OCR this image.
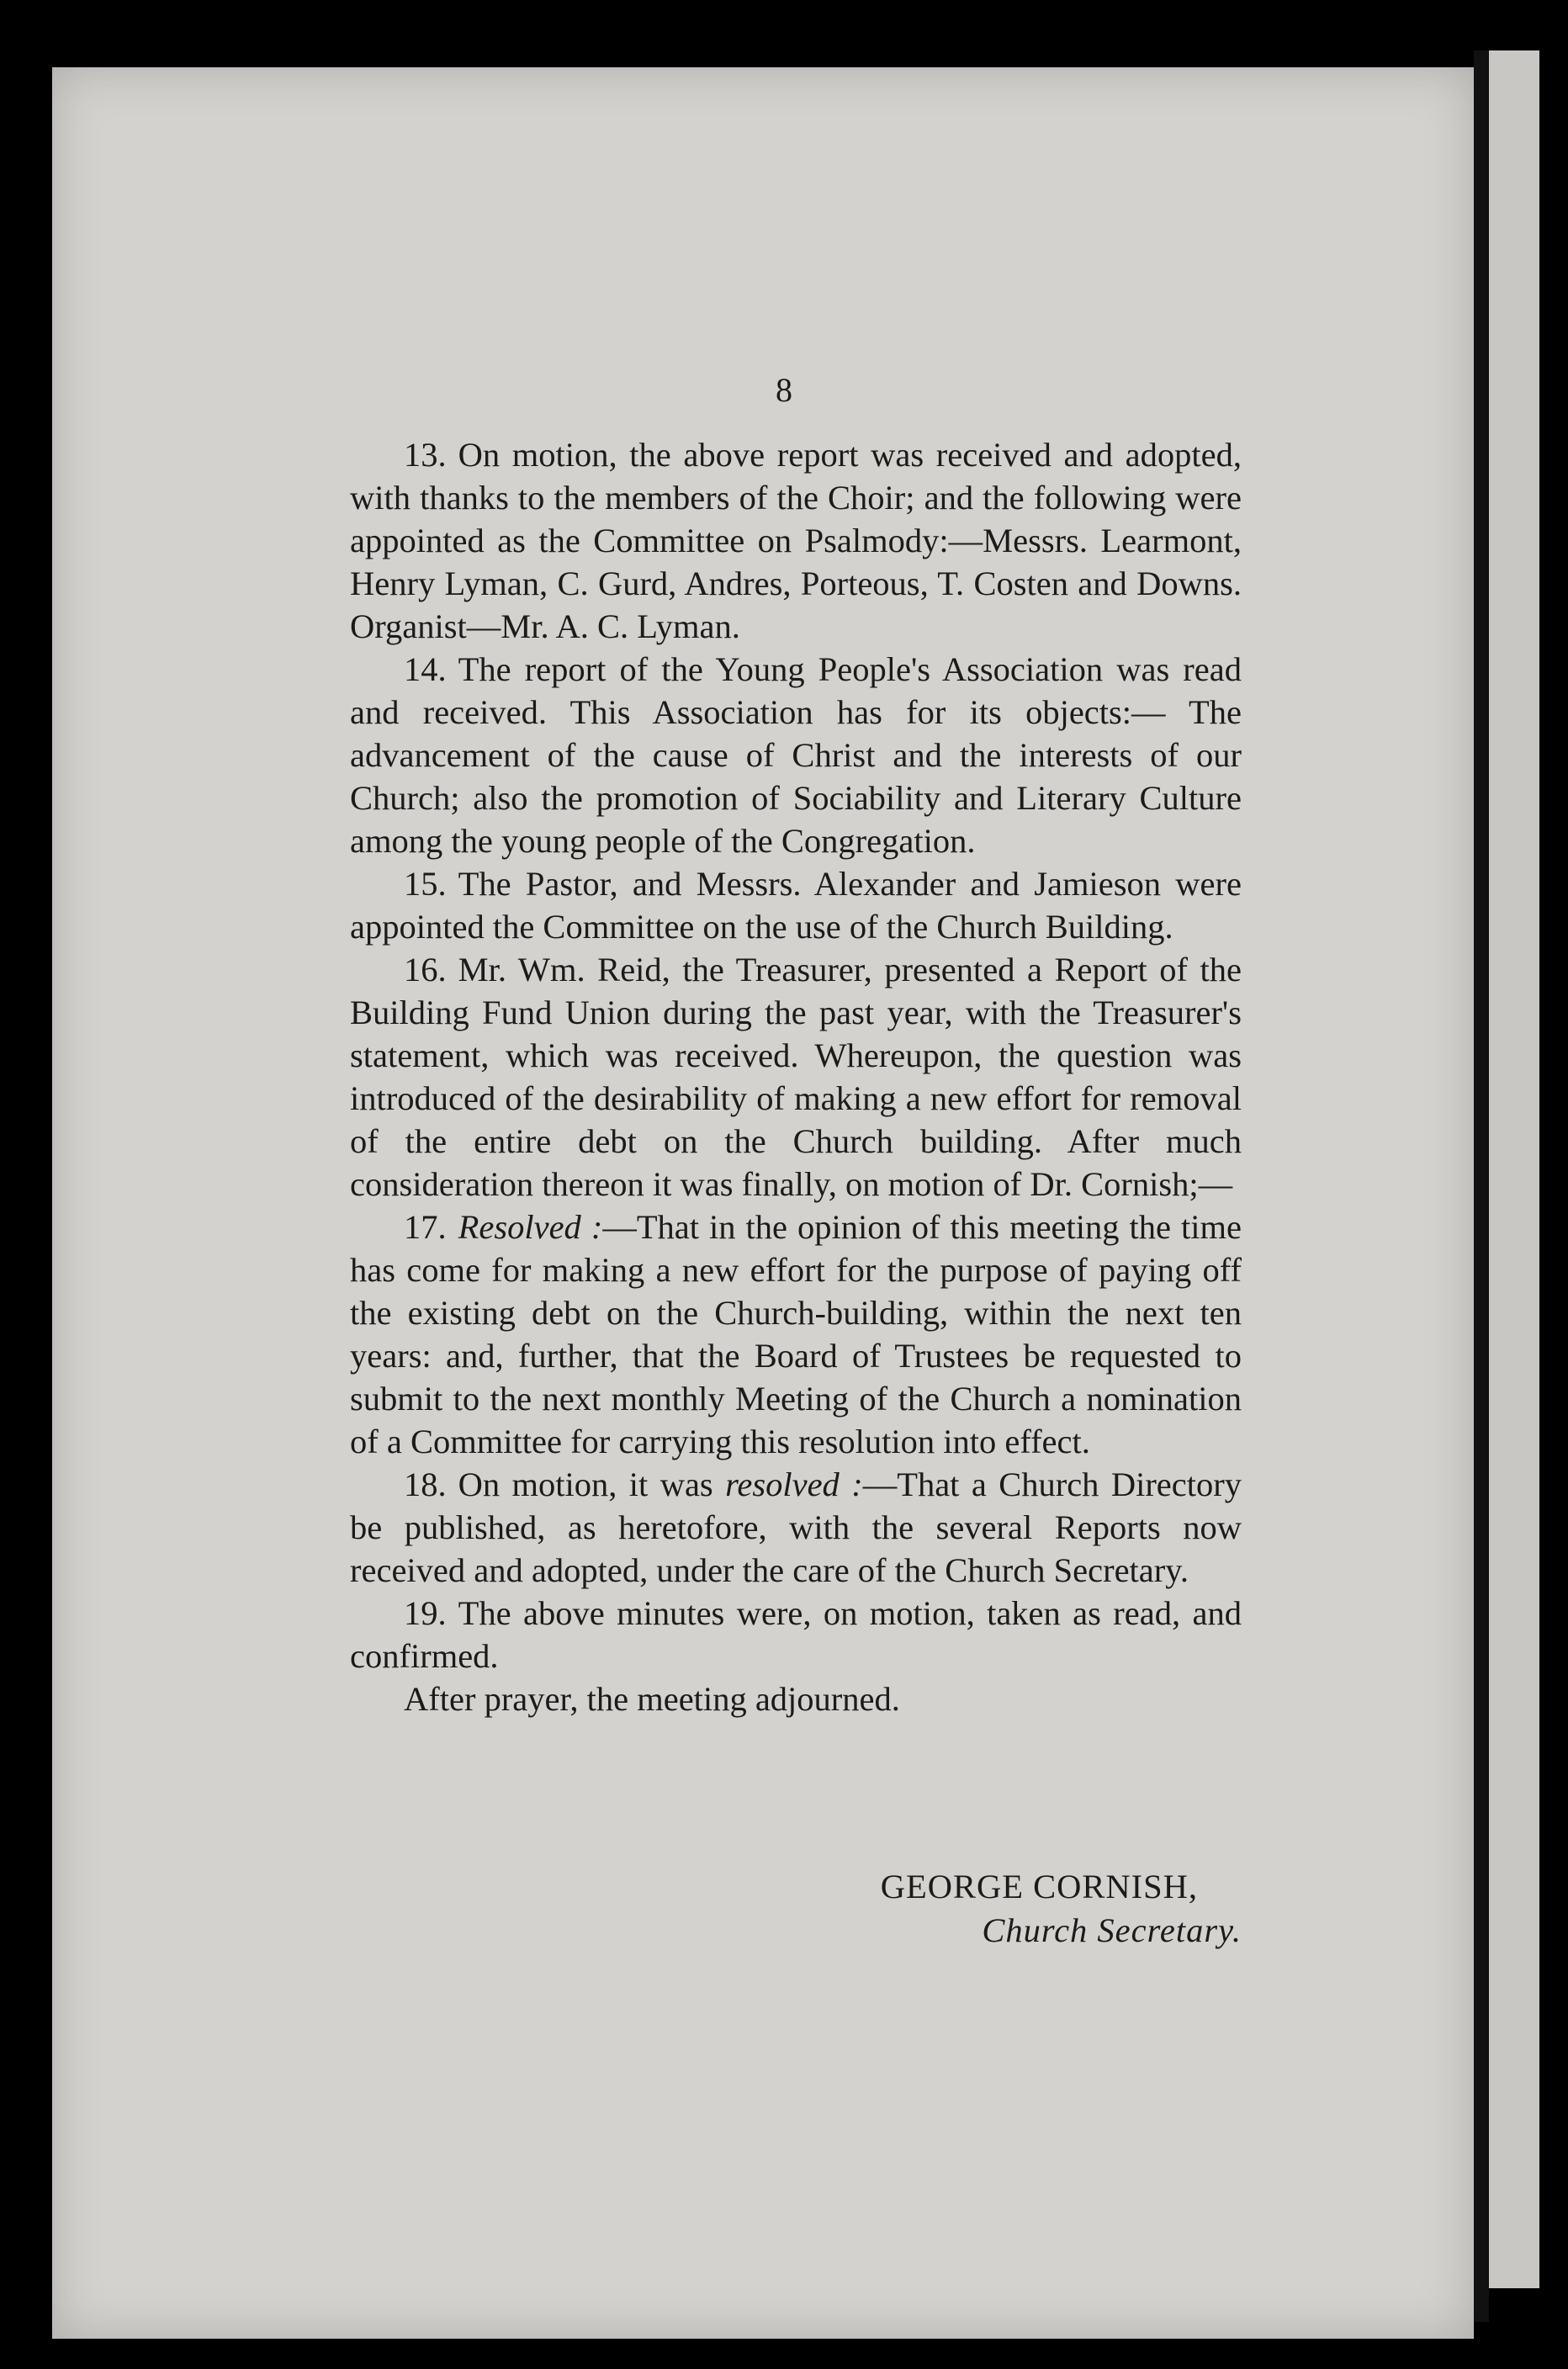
8

13. On motion, the above report was received and adopted, with thanks to the members of the Choir; and the following were appointed as the Committee on Psalmody:—Messrs. Learmont, Henry Lyman, C. Gurd, Andres, Porteous, T. Costen and Downs. Organist—Mr. A. C. Lyman.

14. The report of the Young People's Association was read and received. This Association has for its objects:— The advancement of the cause of Christ and the interests of our Church; also the promotion of Sociability and Literary Culture among the young people of the Congregation.

15. The Pastor, and Messrs. Alexander and Jamieson were appointed the Committee on the use of the Church Building.

16. Mr. Wm. Reid, the Treasurer, presented a Report of the Building Fund Union during the past year, with the Treasurer's statement, which was received. Whereupon, the question was introduced of the desirability of making a new effort for removal of the entire debt on the Church building. After much consideration thereon it was finally, on motion of Dr. Cornish;—

17. Resolved :—That in the opinion of this meeting the time has come for making a new effort for the purpose of paying off the existing debt on the Church-building, within the next ten years: and, further, that the Board of Trustees be requested to submit to the next monthly Meeting of the Church a nomination of a Committee for carrying this resolution into effect.

18. On motion, it was resolved :—That a Church Directory be published, as heretofore, with the several Reports now received and adopted, under the care of the Church Secretary.

19. The above minutes were, on motion, taken as read, and confirmed.

After prayer, the meeting adjourned.

GEORGE CORNISH,
Church Secretary.
